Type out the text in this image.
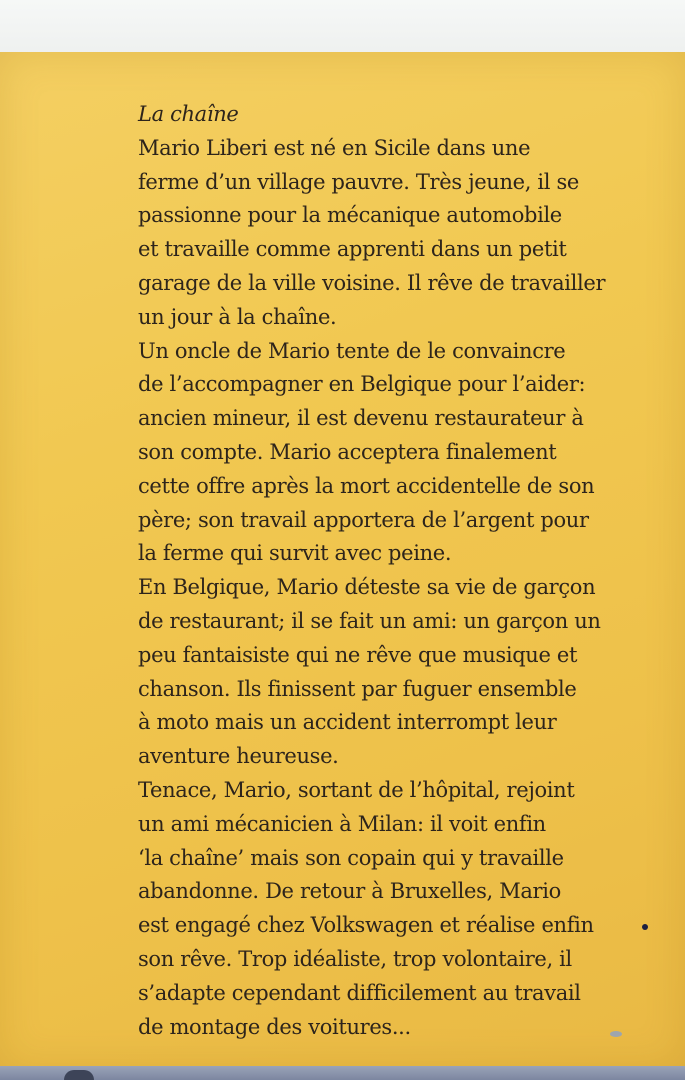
La chaîne
Mario Liberi est né en Sicile dans une
ferme d’un village pauvre. Très jeune, il se
passionne pour la mécanique automobile
et travaille comme apprenti dans un petit
garage de la ville voisine. Il rêve de travailler
un jour à la chaîne.
Un oncle de Mario tente de le convaincre
de l’accompagner en Belgique pour l’aider:
ancien mineur, il est devenu restaurateur à
son compte. Mario acceptera finalement
cette offre après la mort accidentelle de son
père; son travail apportera de l’argent pour
la ferme qui survit avec peine.
En Belgique, Mario déteste sa vie de garçon
de restaurant; il se fait un ami: un garçon un
peu fantaisiste qui ne rêve que musique et
chanson. Ils finissent par fuguer ensemble
à moto mais un accident interrompt leur
aventure heureuse.
Tenace, Mario, sortant de l’hôpital, rejoint
un ami mécanicien à Milan: il voit enfin
‘la chaîne’ mais son copain qui y travaille
abandonne. De retour à Bruxelles, Mario
est engagé chez Volkswagen et réalise enfin
son rêve. Trop idéaliste, trop volontaire, il
s’adapte cependant difficilement au travail
de montage des voitures...
